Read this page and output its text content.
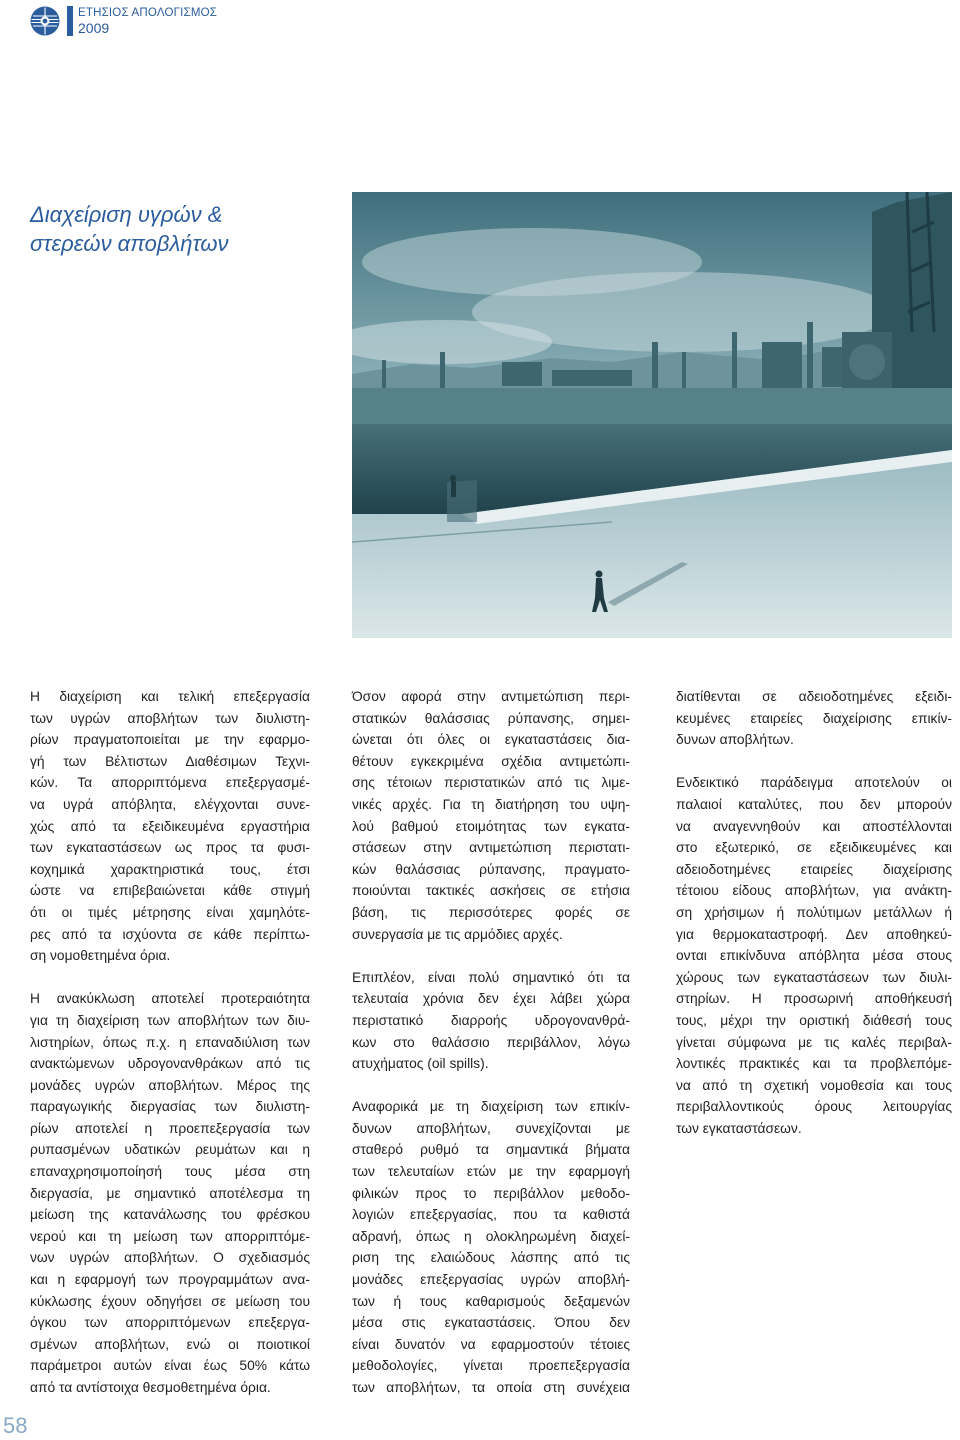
ΕΤΗΣΙΟΣ ΑΠΟΛΟΓΙΣΜΟΣ
2009
Διαχείριση υγρών &
στερεών αποβλήτων
Η διαχείριση και τελική επεξεργασία
των υγρών αποβλήτων των διυλιστη-
ρίων πραγματοποιείται με την εφαρμο-
γή των Βέλτιστων Διαθέσιμων Τεχνι-
κών. Τα απορριπτόμενα επεξεργασμέ-
να υγρά απόβλητα, ελέγχονται συνε-
χώς από τα εξειδικευμένα εργαστήρια
των εγκαταστάσεων ως προς τα φυσι-
κοχημικά χαρακτηριστικά τους, έτσι
ώστε να επιβεβαιώνεται κάθε στιγμή
ότι οι τιμές μέτρησης είναι χαμηλότε-
ρες από τα ισχύοντα σε κάθε περίπτω-
ση νομοθετημένα όρια.
Η ανακύκλωση αποτελεί προτεραιότητα
για τη διαχείριση των αποβλήτων των διυ-
λιστηρίων, όπως π.χ. η επαναδιύλιση των
ανακτώμενων υδρογονανθράκων από τις
μονάδες υγρών αποβλήτων. Μέρος της
παραγωγικής διεργασίας των διυλιστη-
ρίων αποτελεί η προεπεξεργασία των
ρυπασμένων υδατικών ρευμάτων και η
επαναχρησιμοποίησή τους μέσα στη
διεργασία, με σημαντικό αποτέλεσμα τη
μείωση της κατανάλωσης του φρέσκου
νερού και τη μείωση των απορριπτόμε-
νων υγρών αποβλήτων. Ο σχεδιασμός
και η εφαρμογή των προγραμμάτων ανα-
κύκλωσης έχουν οδηγήσει σε μείωση του
όγκου των απορριπτόμενων επεξεργα-
σμένων αποβλήτων, ενώ οι ποιοτικοί
παράμετροι αυτών είναι έως 50% κάτω
από τα αντίστοιχα θεσμοθετημένα όρια.
Όσον αφορά στην αντιμετώπιση περι-
στατικών θαλάσσιας ρύπανσης, σημει-
ώνεται ότι όλες οι εγκαταστάσεις δια-
θέτουν εγκεκριμένα σχέδια αντιμετώπι-
σης τέτοιων περιστατικών από τις λιμε-
νικές αρχές. Για τη διατήρηση του υψη-
λού βαθμού ετοιμότητας των εγκατα-
στάσεων στην αντιμετώπιση περιστατι-
κών θαλάσσιας ρύπανσης, πραγματο-
ποιούνται τακτικές ασκήσεις σε ετήσια
βάση, τις περισσότερες φορές σε
συνεργασία με τις αρμόδιες αρχές.
Επιπλέον, είναι πολύ σημαντικό ότι τα
τελευταία χρόνια δεν έχει λάβει χώρα
περιστατικό διαρροής υδρογονανθρά-
κων στο θαλάσσιο περιβάλλον, λόγω
ατυχήματος (oil spills).
Αναφορικά με τη διαχείριση των επικίν-
δυνων αποβλήτων, συνεχίζονται με
σταθερό ρυθμό τα σημαντικά βήματα
των τελευταίων ετών με την εφαρμογή
φιλικών προς το περιβάλλον μεθοδο-
λογιών επεξεργασίας, που τα καθιστά
αδρανή, όπως η ολοκληρωμένη διαχεί-
ριση της ελαιώδους λάσπης από τις
μονάδες επεξεργασίας υγρών αποβλή-
των ή τους καθαρισμούς δεξαμενών
μέσα στις εγκαταστάσεις. Όπου δεν
είναι δυνατόν να εφαρμοστούν τέτοιες
μεθοδολογίες, γίνεται προεπεξεργασία
των αποβλήτων, τα οποία στη συνέχεια
διατίθενται σε αδειοδοτημένες εξειδι-
κευμένες εταιρείες διαχείρισης επικίν-
δυνων αποβλήτων.
Ενδεικτικό παράδειγμα αποτελούν οι
παλαιοί καταλύτες, που δεν μπορούν
να αναγεννηθούν και αποστέλλονται
στο εξωτερικό, σε εξειδικευμένες και
αδειοδοτημένες εταιρείες διαχείρισης
τέτοιου είδους αποβλήτων, για ανάκτη-
ση χρήσιμων ή πολύτιμων μετάλλων ή
για θερμοκαταστροφή. Δεν αποθηκεύ-
ονται επικίνδυνα απόβλητα μέσα στους
χώρους των εγκαταστάσεων των διυλι-
στηρίων. Η προσωρινή αποθήκευσή
τους, μέχρι την οριστική διάθεσή τους
γίνεται σύμφωνα με τις καλές περιβαλ-
λοντικές πρακτικές και τα προβλεπόμε-
να από τη σχετική νομοθεσία και τους
περιβαλλοντικούς όρους λειτουργίας
των εγκαταστάσεων.
58
